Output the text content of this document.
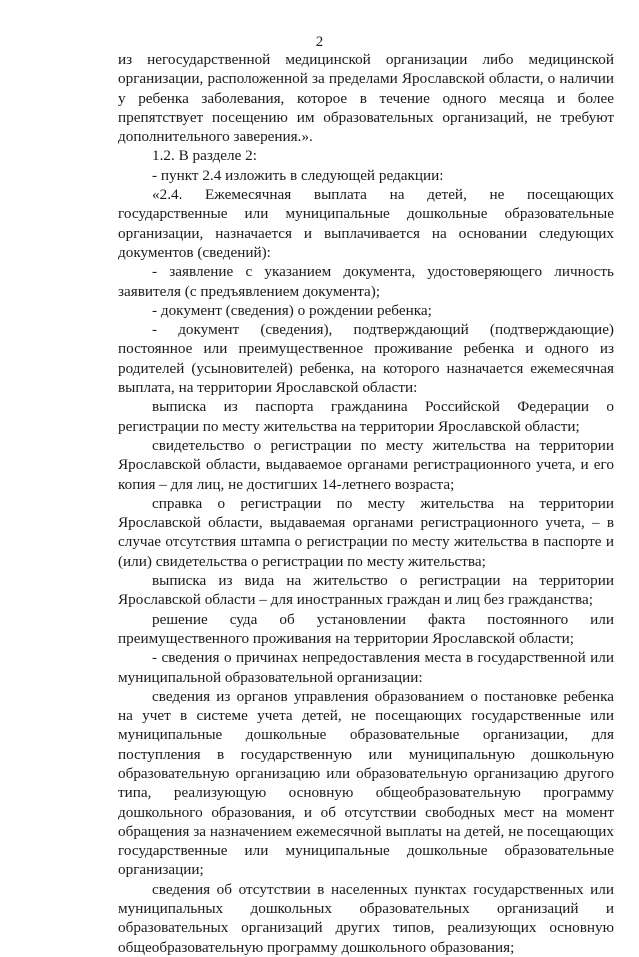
2

из негосударственной медицинской организации либо медицинской организации, расположенной за пределами Ярославской области, о наличии у ребенка заболевания, которое в течение одного месяца и более препятствует посещению им образовательных организаций, не требуют дополнительного заверения.».

1.2. В разделе 2:

- пункт 2.4 изложить в следующей редакции:

«2.4. Ежемесячная выплата на детей, не посещающих государственные или муниципальные дошкольные образовательные организации, назначается и выплачивается на основании следующих документов (сведений):

- заявление с указанием документа, удостоверяющего личность заявителя (с предъявлением документа);

- документ (сведения) о рождении ребенка;

- документ (сведения), подтверждающий (подтверждающие) постоянное или преимущественное проживание ребенка и одного из родителей (усыновителей) ребенка, на которого назначается ежемесячная выплата, на территории Ярославской области:

выписка из паспорта гражданина Российской Федерации о регистрации по месту жительства на территории Ярославской области;

свидетельство о регистрации по месту жительства на территории Ярославской области, выдаваемое органами регистрационного учета, и его копия – для лиц, не достигших 14-летнего возраста;

справка о регистрации по месту жительства на территории Ярославской области, выдаваемая органами регистрационного учета, – в случае отсутствия штампа о регистрации по месту жительства в паспорте и (или) свидетельства о регистрации по месту жительства;

выписка из вида на жительство о регистрации на территории Ярославской области – для иностранных граждан и лиц без гражданства;

решение суда об установлении факта постоянного или преимущественного проживания на территории Ярославской области;

- сведения о причинах непредоставления места в государственной или муниципальной образовательной организации:

сведения из органов управления образованием о постановке ребенка на учет в системе учета детей, не посещающих государственные или муниципальные дошкольные образовательные организации, для поступления в государственную или муниципальную дошкольную образовательную организацию или образовательную организацию другого типа, реализующую основную общеобразовательную программу дошкольного образования, и об отсутствии свободных мест на момент обращения за назначением ежемесячной выплаты на детей, не посещающих государственные или муниципальные дошкольные образовательные организации;

сведения об отсутствии в населенных пунктах государственных или муниципальных дошкольных образовательных организаций и образовательных организаций других типов, реализующих основную общеобразовательную программу дошкольного образования;
